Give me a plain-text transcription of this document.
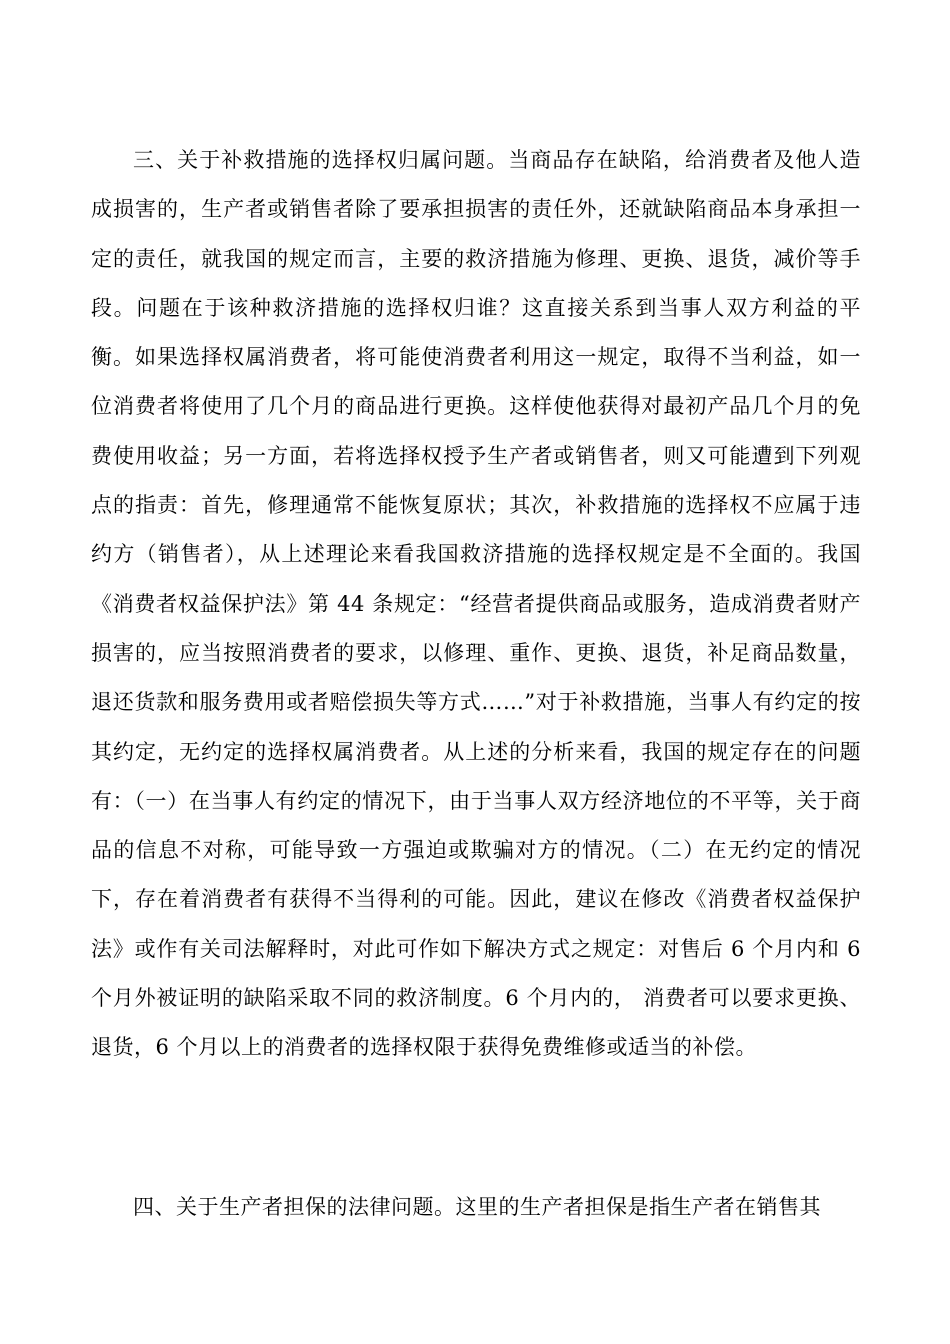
三、关于补救措施的选择权归属问题。当商品存在缺陷，给消费者及他人造成损害的，生产者或销售者除了要承担损害的责任外，还就缺陷商品本身承担一定的责任，就我国的规定而言，主要的救济措施为修理、更换、退货，减价等手段。问题在于该种救济措施的选择权归谁？这直接关系到当事人双方利益的平衡。如果选择权属消费者，将可能使消费者利用这一规定，取得不当利益，如一位消费者将使用了几个月的商品进行更换。这样使他获得对最初产品几个月的免费使用收益；另一方面，若将选择权授予生产者或销售者，则又可能遭到下列观点的指责：首先，修理通常不能恢复原状；其次，补救措施的选择权不应属于违约方（销售者），从上述理论来看我国救济措施的选择权规定是不全面的。我国《消费者权益保护法》第 44 条规定：“经营者提供商品或服务，造成消费者财产损害的，应当按照消费者的要求，以修理、重作、更换、退货，补足商品数量，退还货款和服务费用或者赔偿损失等方式……”对于补救措施，当事人有约定的按其约定，无约定的选择权属消费者。从上述的分析来看，我国的规定存在的问题有：（一）在当事人有约定的情况下，由于当事人双方经济地位的不平等，关于商品的信息不对称，可能导致一方强迫或欺骗对方的情况。（二）在无约定的情况下，存在着消费者有获得不当得利的可能。因此，建议在修改《消费者权益保护法》或作有关司法解释时，对此可作如下解决方式之规定：对售后 6 个月内和 6 个月外被证明的缺陷采取不同的救济制度。6 个月内的， 消费者可以要求更换、退货，6 个月以上的消费者的选择权限于获得免费维修或适当的补偿。

四、关于生产者担保的法律问题。这里的生产者担保是指生产者在销售其
